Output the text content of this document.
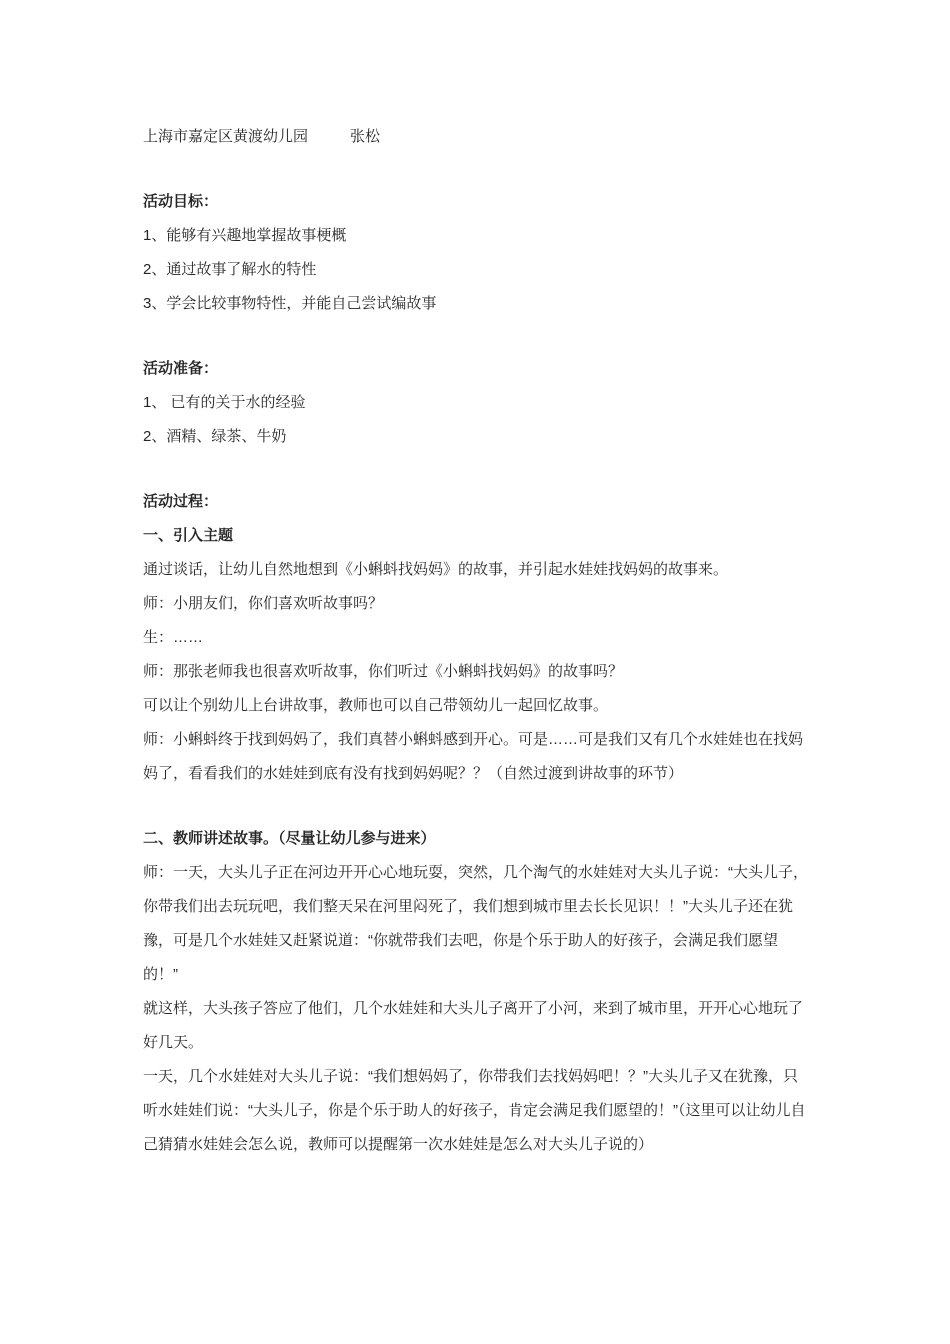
上海市嘉定区黄渡幼儿园	张松

活动目标：

1、能够有兴趣地掌握故事梗概

2、通过故事了解水的特性

3、学会比较事物特性，并能自己尝试编故事

活动准备：

1、 已有的关于水的经验

2、酒精、绿茶、牛奶

活动过程：

一、引入主题

通过谈话，让幼儿自然地想到《小蝌蚪找妈妈》的故事，并引起水娃娃找妈妈的故事来。

师：小朋友们，你们喜欢听故事吗？

生：……

师：那张老师我也很喜欢听故事，你们听过《小蝌蚪找妈妈》的故事吗？

可以让个别幼儿上台讲故事，教师也可以自己带领幼儿一起回忆故事。

师：小蝌蚪终于找到妈妈了，我们真替小蝌蚪感到开心。可是……可是我们又有几个水娃娃也在找妈妈了，看看我们的水娃娃到底有没有找到妈妈呢？？（自然过渡到讲故事的环节）

二、教师讲述故事。（尽量让幼儿参与进来）

师：一天，大头儿子正在河边开开心心地玩耍，突然，几个淘气的水娃娃对大头儿子说：“大头儿子，你带我们出去玩玩吧，我们整天呆在河里闷死了，我们想到城市里去长长见识！！”大头儿子还在犹豫，可是几个水娃娃又赶紧说道：“你就带我们去吧，你是个乐于助人的好孩子，会满足我们愿望的！”

就这样，大头孩子答应了他们，几个水娃娃和大头儿子离开了小河，来到了城市里，开开心心地玩了好几天。

一天，几个水娃娃对大头儿子说：“我们想妈妈了，你带我们去找妈妈吧！？”大头儿子又在犹豫，只听水娃娃们说：“大头儿子，你是个乐于助人的好孩子，肯定会满足我们愿望的！”（这里可以让幼儿自己猜猜水娃娃会怎么说，教师可以提醒第一次水娃娃是怎么对大头儿子说的）
